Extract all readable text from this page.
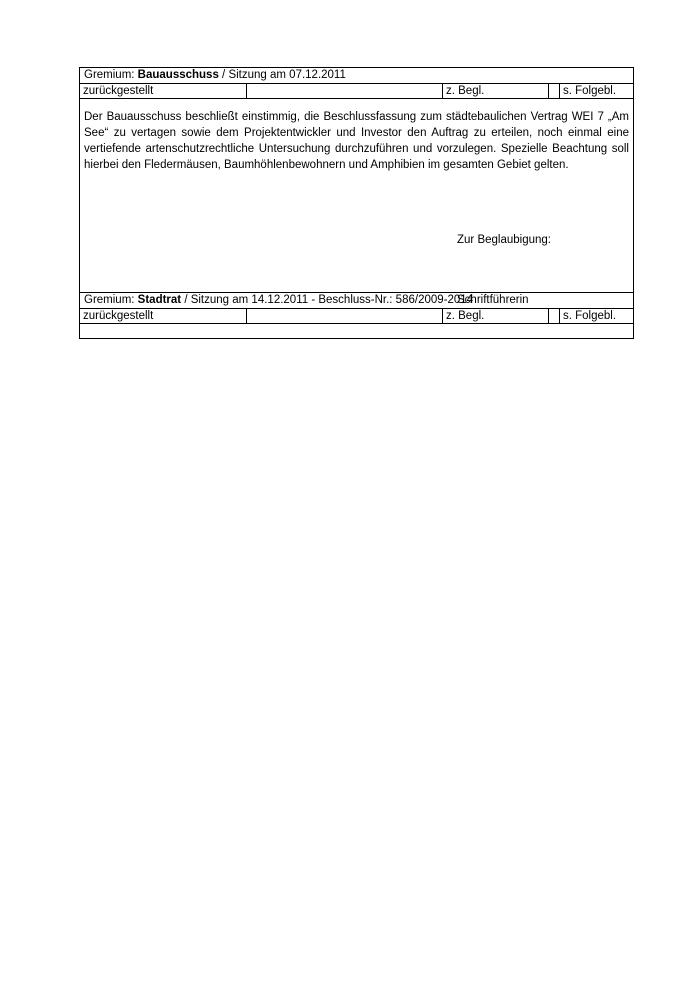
Gremium: Bauausschuss / Sitzung am 07.12.2011
zurückgestellt	z. Begl.	s. Folgebl.
Der Bauausschuss beschließt einstimmig, die Beschlussfassung zum städtebaulichen Vertrag WEI 7 „Am See“ zu vertagen sowie dem Projektentwickler und Investor den Auftrag zu erteilen, noch einmal eine vertiefende artenschutzrechtliche Untersuchung durchzuführen und vorzulegen. Spezielle Beachtung soll hierbei den Fledermäusen, Baumhöhlenbewohnern und Amphibien im gesamten Gebiet gelten.
Zur Beglaubigung:
Schriftführerin
Gremium: Stadtrat / Sitzung am 14.12.2011 - Beschluss-Nr.: 586/2009-2014
zurückgestellt	z. Begl.	s. Folgebl.
